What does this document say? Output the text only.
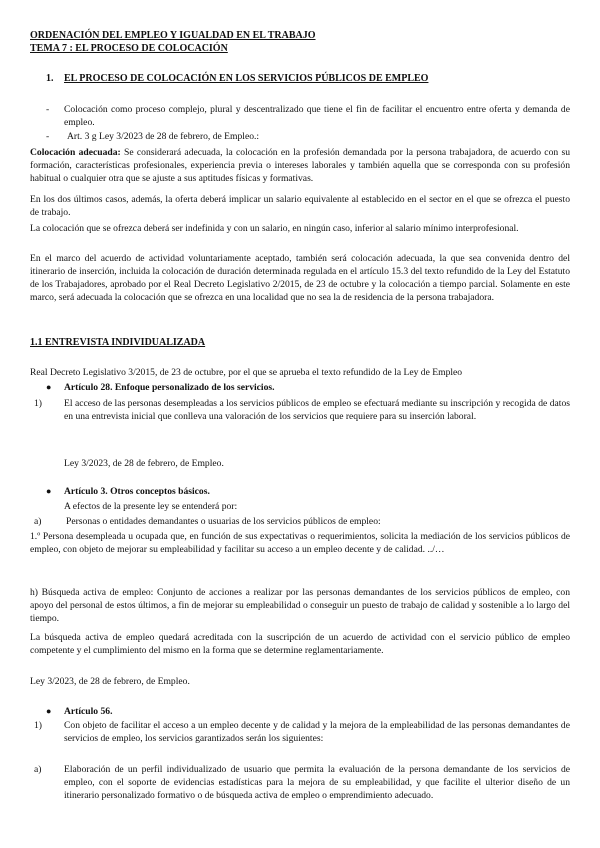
ORDENACIÓN DEL EMPLEO Y IGUALDAD EN EL TRABAJO
TEMA 7 : EL PROCESO DE COLOCACIÓN
1. EL PROCESO DE COLOCACIÓN EN LOS SERVICIOS PÚBLICOS DE EMPLEO
- Colocación como proceso complejo, plural y descentralizado que tiene el fin de facilitar el encuentro entre oferta y demanda de empleo.
- Art. 3 g Ley 3/2023 de 28 de febrero, de Empleo.:
Colocación adecuada: Se considerará adecuada, la colocación en la profesión demandada por la persona trabajadora, de acuerdo con su formación, características profesionales, experiencia previa o intereses laborales y también aquella que se corresponda con su profesión habitual o cualquier otra que se ajuste a sus aptitudes físicas y formativas.
En los dos últimos casos, además, la oferta deberá implicar un salario equivalente al establecido en el sector en el que se ofrezca el puesto de trabajo.
La colocación que se ofrezca deberá ser indefinida y con un salario, en ningún caso, inferior al salario mínimo interprofesional.
En el marco del acuerdo de actividad voluntariamente aceptado, también será colocación adecuada, la que sea convenida dentro del itinerario de inserción, incluida la colocación de duración determinada regulada en el artículo 15.3 del texto refundido de la Ley del Estatuto de los Trabajadores, aprobado por el Real Decreto Legislativo 2/2015, de 23 de octubre y la colocación a tiempo parcial. Solamente en este marco, será adecuada la colocación que se ofrezca en una localidad que no sea la de residencia de la persona trabajadora.
1.1 ENTREVISTA INDIVIDUALIZADA
Real Decreto Legislativo 3/2015, de 23 de octubre, por el que se aprueba el texto refundido de la Ley de Empleo
● Artículo 28. Enfoque personalizado de los servicios.
1) El acceso de las personas desempleadas a los servicios públicos de empleo se efectuará mediante su inscripción y recogida de datos en una entrevista inicial que conlleva una valoración de los servicios que requiere para su inserción laboral.
Ley 3/2023, de 28 de febrero, de Empleo.
● Artículo 3. Otros conceptos básicos.
A efectos de la presente ley se entenderá por:
a)	Personas o entidades demandantes o usuarias de los servicios públicos de empleo:
1.º Persona desempleada u ocupada que, en función de sus expectativas o requerimientos, solicita la mediación de los servicios públicos de empleo, con objeto de mejorar su empleabilidad y facilitar su acceso a un empleo decente y de calidad. ../…
h) Búsqueda activa de empleo: Conjunto de acciones a realizar por las personas demandantes de los servicios públicos de empleo, con apoyo del personal de estos últimos, a fin de mejorar su empleabilidad o conseguir un puesto de trabajo de calidad y sostenible a lo largo del tiempo.
La búsqueda activa de empleo quedará acreditada con la suscripción de un acuerdo de actividad con el servicio público de empleo competente y el cumplimiento del mismo en la forma que se determine reglamentariamente.
Ley 3/2023, de 28 de febrero, de Empleo.
● Artículo 56.
1) Con objeto de facilitar el acceso a un empleo decente y de calidad y la mejora de la empleabilidad de las personas demandantes de servicios de empleo, los servicios garantizados serán los siguientes:
a) Elaboración de un perfil individualizado de usuario que permita la evaluación de la persona demandante de los servicios de empleo, con el soporte de evidencias estadísticas para la mejora de su empleabilidad, y que facilite el ulterior diseño de un itinerario personalizado formativo o de búsqueda activa de empleo o emprendimiento adecuado.
